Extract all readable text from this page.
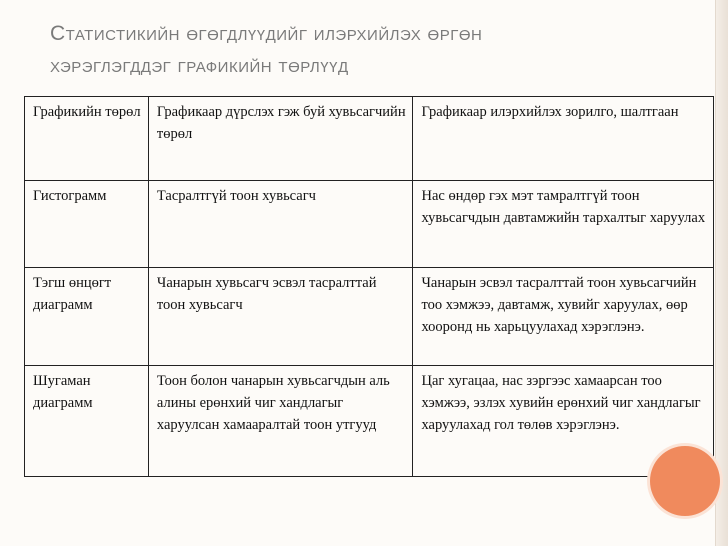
Статистикийн өгөгдлүүдийг илэрхийлэх өргөн
хэрэглэгддэг графикийн төрлүүд
Графикийн төрөл	Графикаар дүрслэх гэж буй хувьсагчийн төрөл	Графикаар илэрхийлэх зорилго, шалтгаан
Гистограмм	Тасралтгүй тоон хувьсагч	Нас өндөр гэх мэт тамралтгүй тоон хувьсагчдын давтамжийн тархалтыг харуулах
Тэгш өнцөгт диаграмм	Чанарын хувьсагч эсвэл тасралттай тоон хувьсагч	Чанарын эсвэл тасралттай тоон хувьсагчийн тоо хэмжээ, давтамж, хувийг харуулах, өөр хооронд нь харьцуулахад хэрэглэнэ.
Шугаман диаграмм	Тоон болон чанарын хувьсагчдын аль алины ерөнхий чиг хандлагыг харуулсан хамааралтай тоон утгууд	Цаг хугацаа, нас зэргээс хамаарсан тоо хэмжээ, эзлэх хувийн ерөнхий чиг хандлагыг харуулахад гол төлөв хэрэглэнэ.
